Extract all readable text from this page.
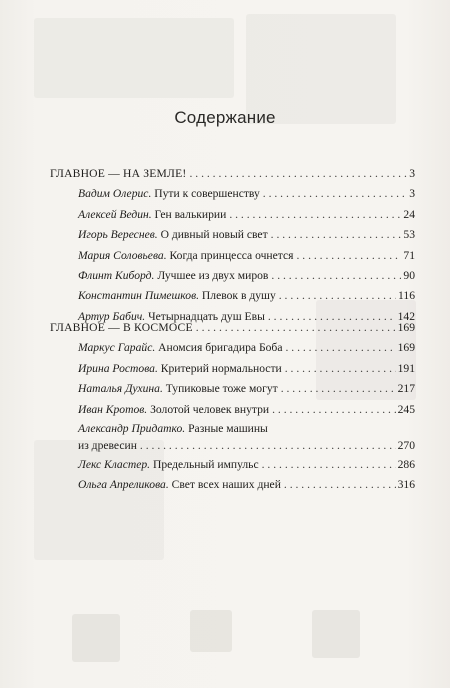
Содержание
ГЛАВНОЕ — НА ЗЕМЛЕ! . . .	3
Вадим Олерис. Пути к совершенству . . .	3
Алексей Ведин. Ген валькирии . . .	24
Игорь Вереснев. О дивный новый свет . . .	53
Мария Соловьева. Когда принцесса очнется . . .	71
Флинт Киборд. Лучшее из двух миров . . .	90
Константин Пимешков. Плевок в душу . . .	116
Артур Бабич. Четырнадцать душ Евы . . .	142
ГЛАВНОЕ — В КОСМОСЕ . . .	169
Маркус Гарайс. Аномсия бригадира Боба . . .	169
Ирина Ростова. Критерий нормальности . . .	191
Наталья Духина. Тупиковые тоже могут . . .	217
Иван Кротов. Золотой человек внутри . . .	245
Александр Придатко. Разные машины
из древесин . . .	270
Лекс Кластер. Предельный импульс . . .	286
Ольга Апреликова. Свет всех наших дней . . .	316
